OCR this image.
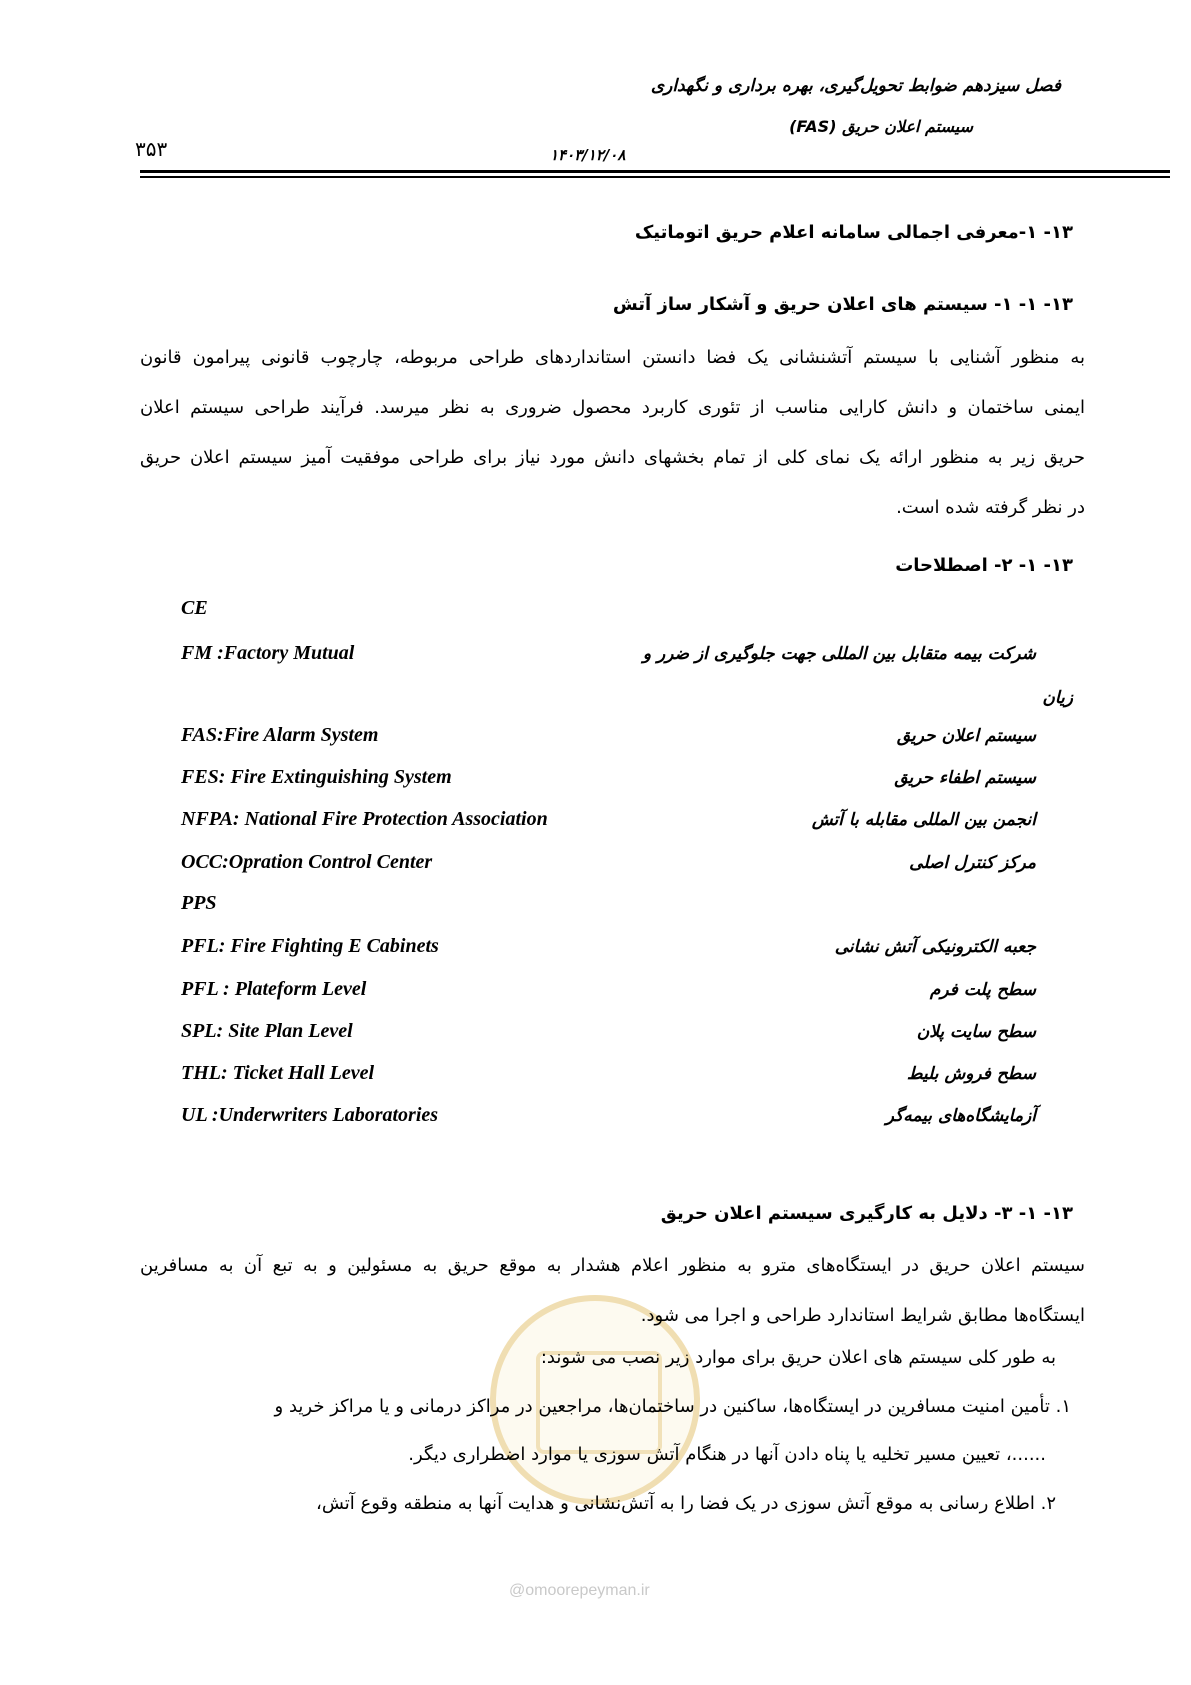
فصل سیزدهم ضوابط تحویل‌گیری، بهره برداری و نگهداری
سیستم اعلان حریق (FAS)
۱۴۰۳/۱۲/۰۸
۳۵۳
۱۳- ۱-معرفی اجمالی سامانه اعلام حریق اتوماتیک
۱۳- ۱- ۱- سیستم های اعلان حریق و آشکار ساز آتش
به منظور آشنایی با سیستم آتشنشانی یک فضا دانستن استانداردهای طراحی مربوطه، چارچوب قانونی پیرامون قانون
ایمنی ساختمان و دانش کارایی مناسب از تئوری کاربرد محصول ضروری به نظر میرسد. فرآیند طراحی سیستم اعلان
حریق زیر به منظور ارائه یک نمای کلی از تمام بخشهای دانش مورد نیاز برای طراحی موفقیت آمیز سیستم اعلان حریق
در نظر گرفته شده است.
۱۳- ۱- ۲- اصطلاحات
CE
FM :Factory Mutual	شرکت بیمه متقابل بین المللی جهت جلوگیری از ضرر و
زیان
FAS:Fire Alarm System	سیستم اعلان حریق
FES: Fire Extinguishing System	سیستم اطفاء حریق
NFPA: National Fire Protection Association	انجمن بین المللی مقابله با آتش
OCC:Opration Control Center	مرکز کنترل اصلی
PPS
PFL: Fire Fighting E Cabinets	جعبه الکترونیکی آتش نشانی
PFL : Plateform Level	سطح پلت فرم
SPL: Site Plan Level	سطح سایت پلان
THL: Ticket Hall Level	سطح فروش بلیط
UL :Underwriters Laboratories	آزمایشگاه‌های بیمه‌گر
۱۳- ۱- ۳- دلایل به کارگیری سیستم اعلان حریق
سیستم اعلان حریق در ایستگاه‌های مترو به منظور اعلام هشدار به موقع حریق به مسئولین و به تبع آن به مسافرین
ایستگاه‌ها مطابق شرایط استاندارد طراحی و اجرا می شود.
به طور کلی سیستم های اعلان حریق برای موارد زیر نصب می شوند:
۱. تأمین امنیت مسافرین در ایستگاه‌ها، ساکنین در ساختمان‌ها، مراجعین در مراکز درمانی و یا مراکز خرید و
......، تعیین مسیر تخلیه یا پناه دادن آنها در هنگام آتش سوزی یا موارد اضطراری دیگر.
۲. اطلاع رسانی به موقع آتش سوزی در یک فضا را به آتش‌نشانی و هدایت آنها به منطقه وقوع آتش،
@omoorepeyman.ir
